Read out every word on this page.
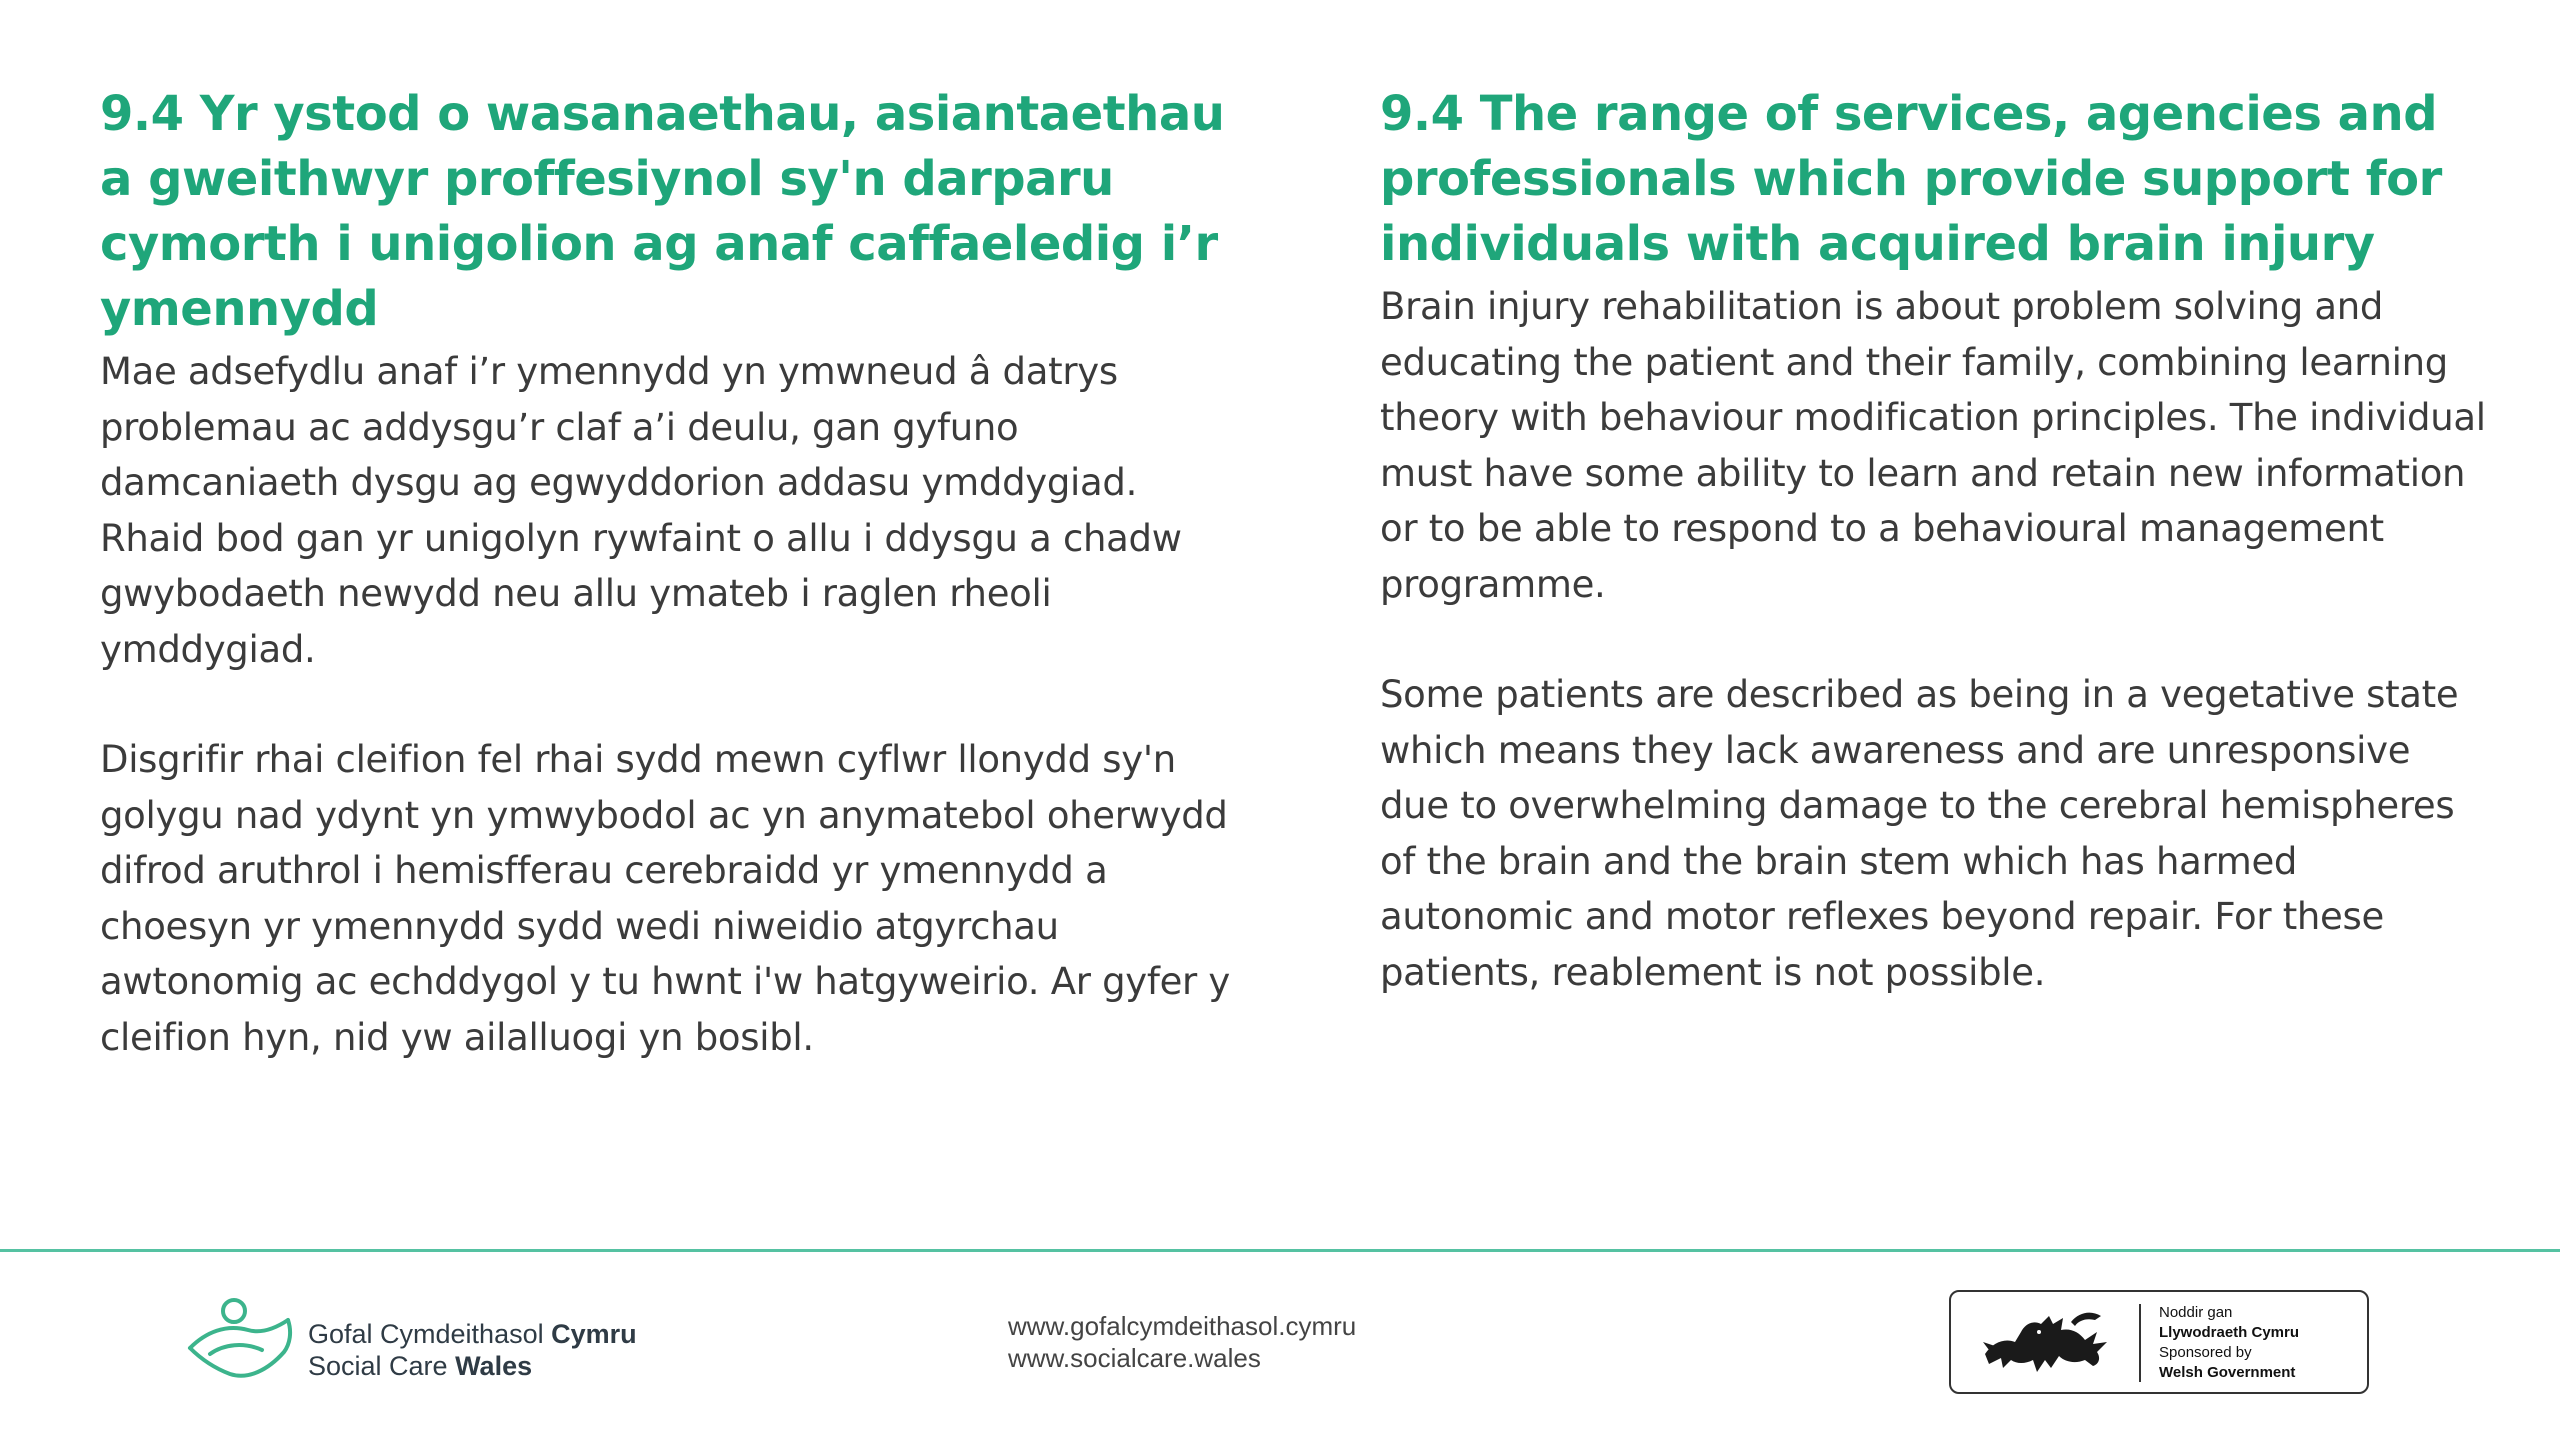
9.4 Yr ystod o wasanaethau, asiantaethau a gweithwyr proffesiynol sy'n darparu cymorth i unigolion ag anaf caffaeledig i’r ymennydd

Mae adsefydlu anaf i’r ymennydd yn ymwneud â datrys problemau ac addysgu’r claf a’i deulu, gan gyfuno damcaniaeth dysgu ag egwyddorion addasu ymddygiad. Rhaid bod gan yr unigolyn rywfaint o allu i ddysgu a chadw gwybodaeth newydd neu allu ymateb i raglen rheoli ymddygiad.

Disgrifir rhai cleifion fel rhai sydd mewn cyflwr llonydd sy'n golygu nad ydynt yn ymwybodol ac yn anymatebol oherwydd difrod aruthrol i hemisfferau cerebraidd yr ymennydd a choesyn yr ymennydd sydd wedi niweidio atgyrchau awtonomig ac echddygol y tu hwnt i'w hatgyweirio. Ar gyfer y cleifion hyn, nid yw ailalluogi yn bosibl.

9.4 The range of services, agencies and professionals which provide support for individuals with acquired brain injury

Brain injury rehabilitation is about problem solving and educating the patient and their family, combining learning theory with behaviour modification principles. The individual must have some ability to learn and retain new information or to be able to respond to a behavioural management programme.

Some patients are described as being in a vegetative state which means they lack awareness and are unresponsive due to overwhelming damage to the cerebral hemispheres of the brain and the brain stem which has harmed autonomic and motor reflexes beyond repair. For these patients, reablement is not possible.

Gofal Cymdeithasol Cymru
Social Care Wales
www.gofalcymdeithasol.cymru
www.socialcare.wales
Noddir gan
Llywodraeth Cymru
Sponsored by
Welsh Government
